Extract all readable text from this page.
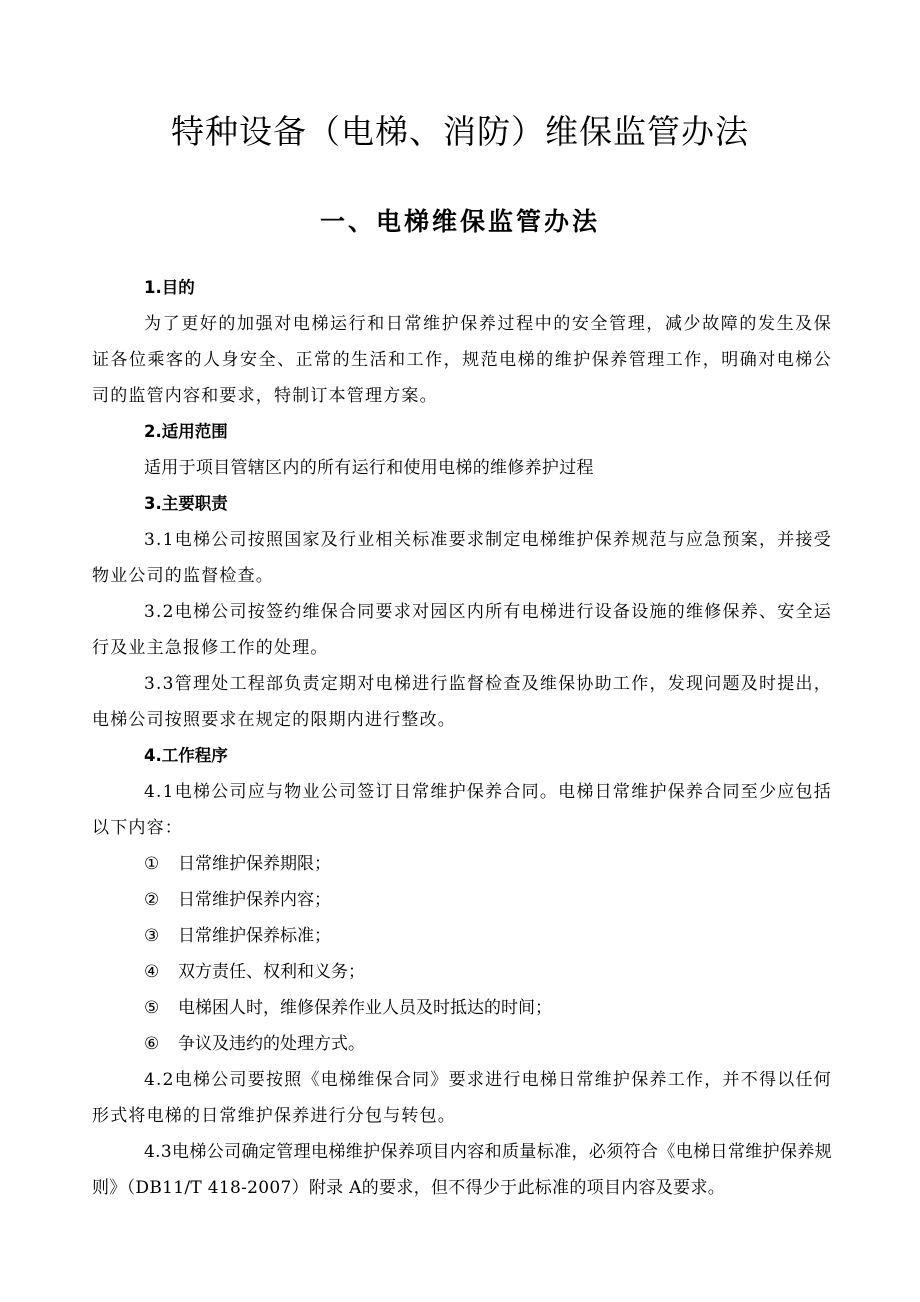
特种设备（电梯、消防）维保监管办法
一、电梯维保监管办法
1.目的
为了更好的加强对电梯运行和日常维护保养过程中的安全管理，减少故障的发生及保证各位乘客的人身安全、正常的生活和工作，规范电梯的维护保养管理工作，明确对电梯公司的监管内容和要求，特制订本管理方案。
2.适用范围
适用于项目管辖区内的所有运行和使用电梯的维修养护过程
3.主要职责
3.1电梯公司按照国家及行业相关标准要求制定电梯维护保养规范与应急预案，并接受物业公司的监督检查。
3.2电梯公司按签约维保合同要求对园区内所有电梯进行设备设施的维修保养、安全运行及业主急报修工作的处理。
3.3管理处工程部负责定期对电梯进行监督检查及维保协助工作，发现问题及时提出，电梯公司按照要求在规定的限期内进行整改。
4.工作程序
4.1电梯公司应与物业公司签订日常维护保养合同。电梯日常维护保养合同至少应包括以下内容：
① 日常维护保养期限；
② 日常维护保养内容；
③ 日常维护保养标准；
④ 双方责任、权利和义务；
⑤ 电梯困人时，维修保养作业人员及时抵达的时间；
⑥ 争议及违约的处理方式。
4.2电梯公司要按照《电梯维保合同》要求进行电梯日常维护保养工作，并不得以任何形式将电梯的日常维护保养进行分包与转包。
4.3电梯公司确定管理电梯维护保养项目内容和质量标准，必须符合《电梯日常维护保养规则》（DB11/T 418-2007）附录 A的要求，但不得少于此标准的项目内容及要求。
